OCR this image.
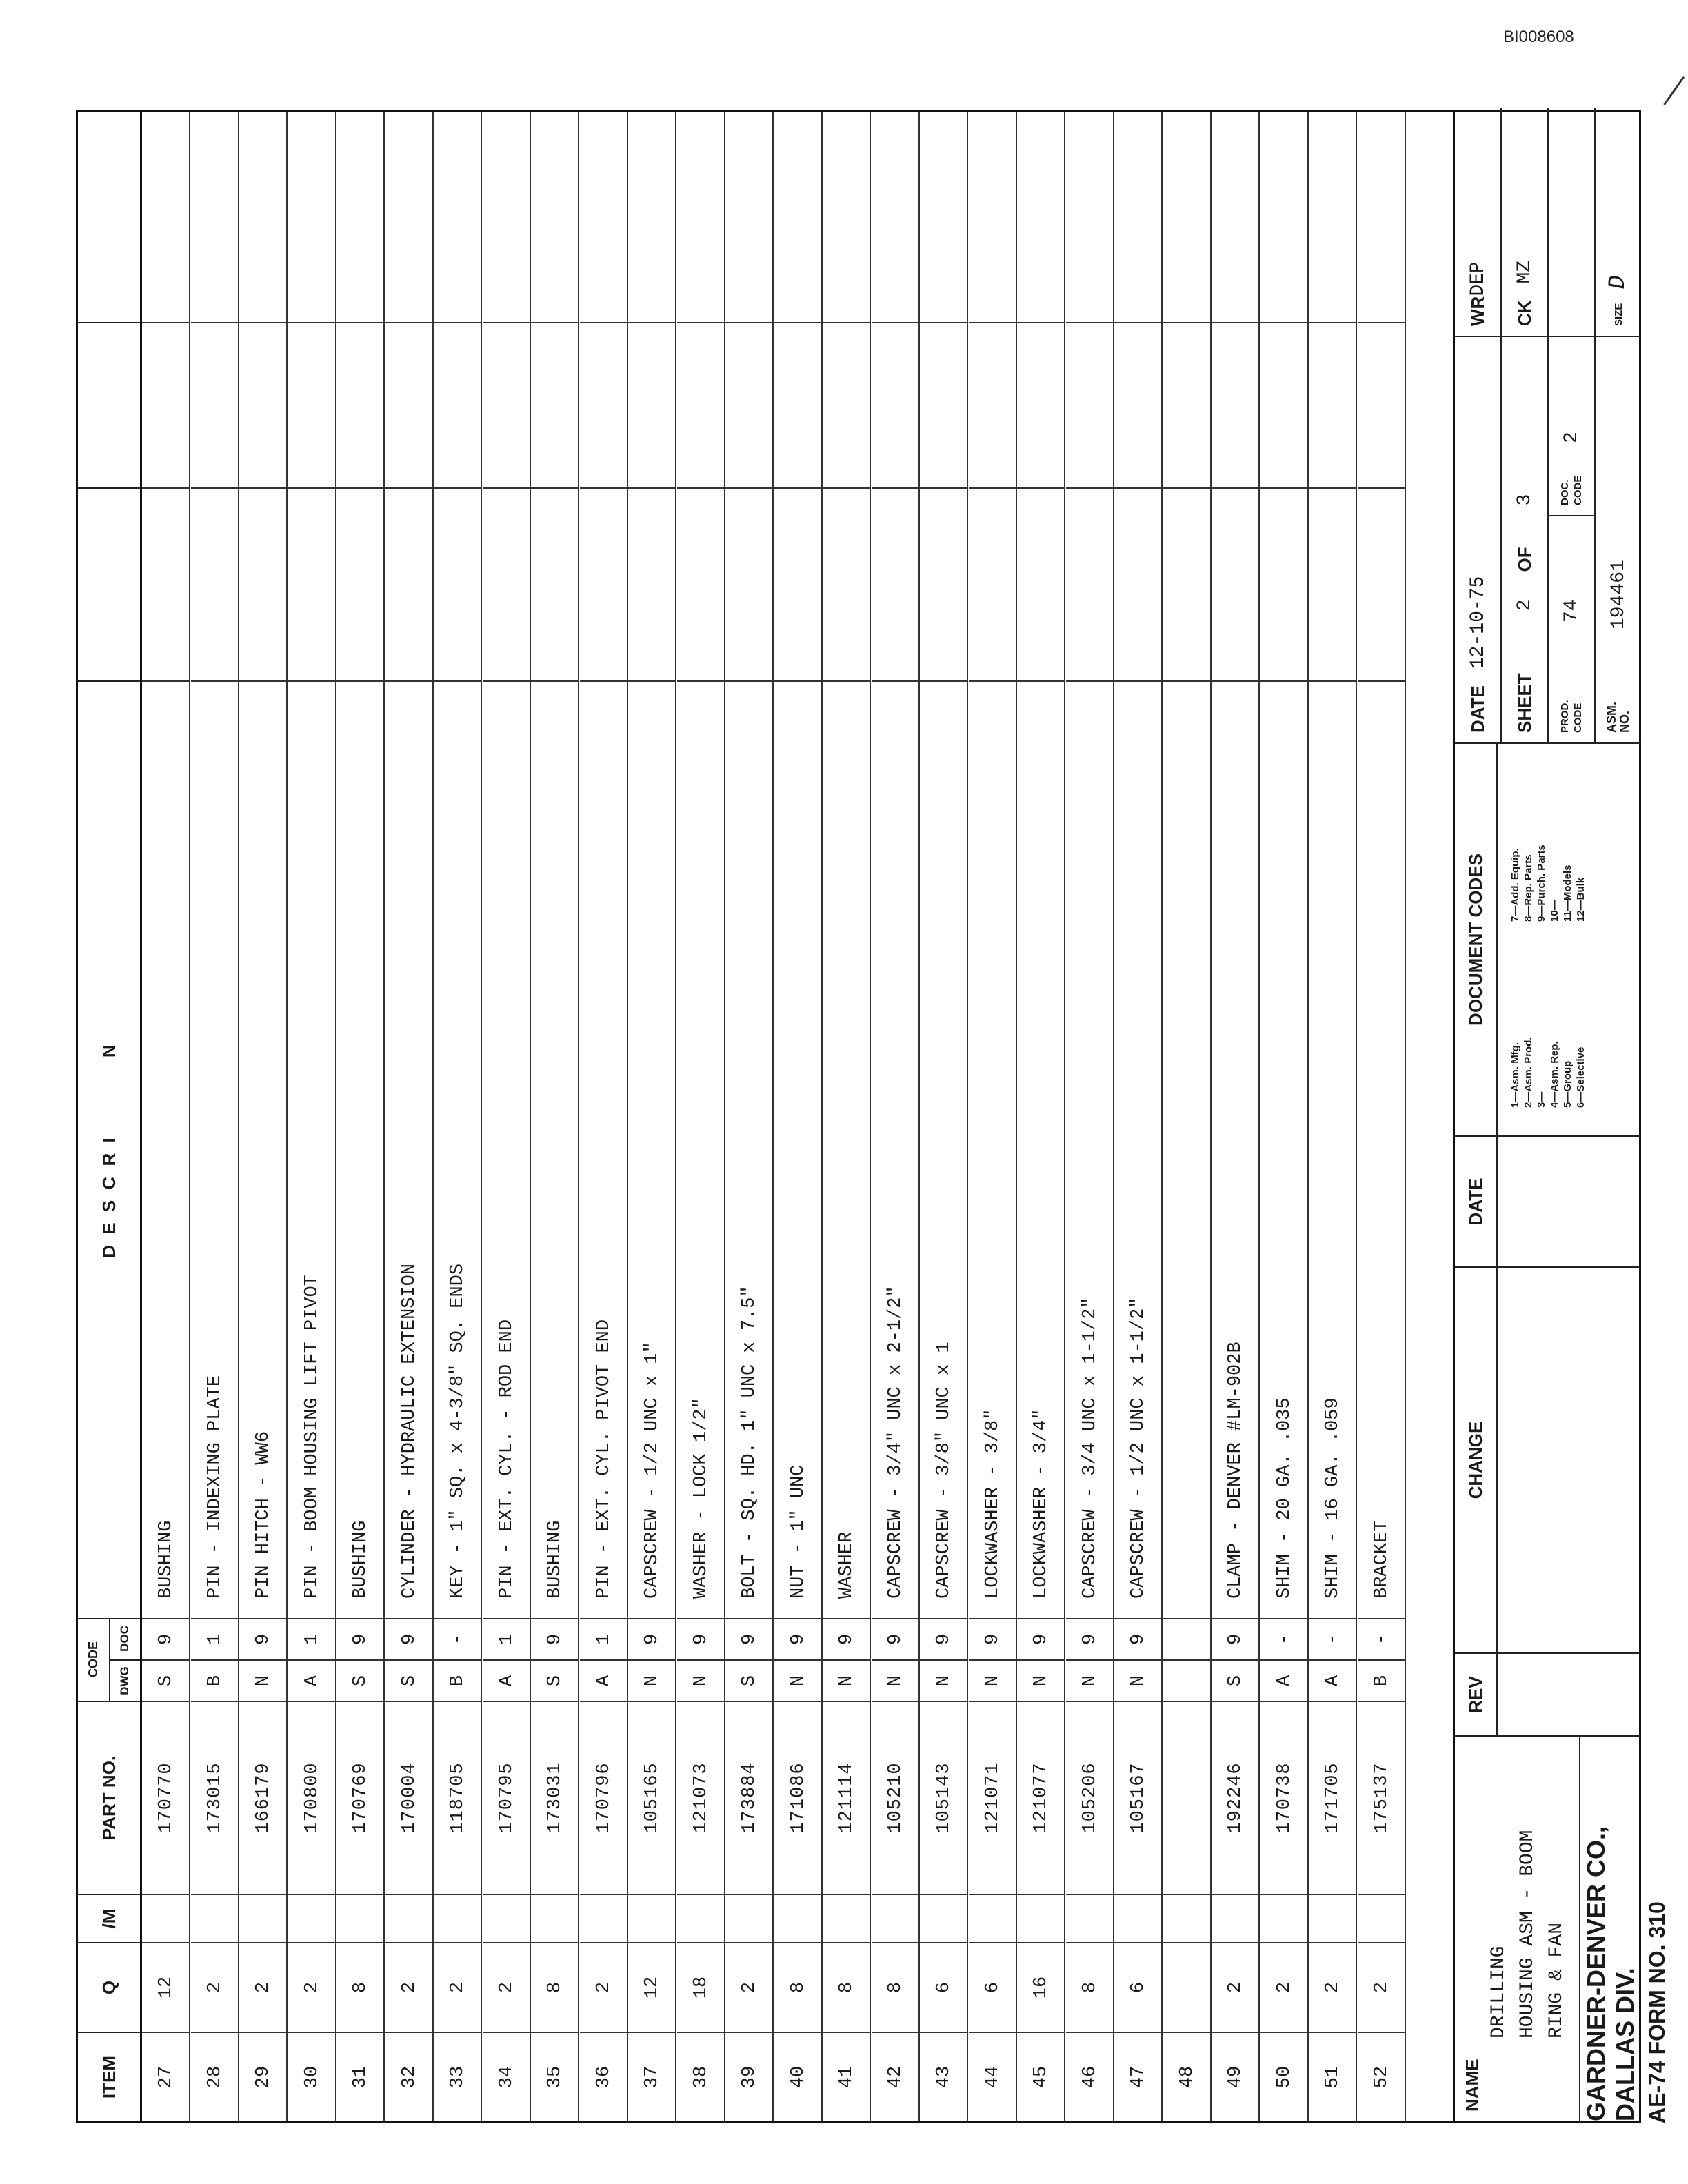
BI008608
AE-74 FORM NO. 310
ITEM
Q
/M
PART NO.
CODE
DWG
DOC
D E S C R I          N
27
12
170770
S
9
BUSHING
28
2
173015
B
1
PIN - INDEXING PLATE
29
2
166179
N
9
PIN HITCH - WW6
30
2
170800
A
1
PIN - BOOM HOUSING LIFT PIVOT
31
8
170769
S
9
BUSHING
32
2
170004
S
9
CYLINDER - HYDRAULIC EXTENSION
33
2
118705
B
-
KEY - 1" SQ. x 4-3/8" SQ. ENDS
34
2
170795
A
1
PIN - EXT. CYL. - ROD END
35
8
173031
S
9
BUSHING
36
2
170796
A
1
PIN - EXT. CYL. PIVOT END
37
12
105165
N
9
CAPSCREW - 1/2 UNC x 1"
38
18
121073
N
9
WASHER - LOCK 1/2"
39
2
173884
S
9
BOLT - SQ. HD. 1" UNC x 7.5"
40
8
171086
N
9
NUT - 1" UNC
41
8
121114
N
9
WASHER
42
8
105210
N
9
CAPSCREW - 3/4" UNC x 2-1/2"
43
6
105143
N
9
CAPSCREW - 3/8" UNC x 1
44
6
121071
N
9
LOCKWASHER - 3/8"
45
16
121077
N
9
LOCKWASHER - 3/4"
46
8
105206
N
9
CAPSCREW - 3/4 UNC x 1-1/2"
47
6
105167
N
9
CAPSCREW - 1/2 UNC x 1-1/2"
48	49
2
192246
S
9
CLAMP - DENVER #LM-902B
50
2
170738
A
-
SHIM - 20 GA. .035
51
2
171705
A
-
SHIM - 16 GA. .059
52
2
175137
B
-
BRACKET
NAME
DRILLING HOUSING ASM - BOOM RING & FAN GARDNER-DENVER CO., DALLAS DIV.
REV
CHANGE
DATE
DOCUMENT CODES
1—Asm. Mfg. 2—Asm. Prod. 3— 4—Asm. Rep. 5—Group 6—Selective
7—Add. Equip. 8—Rep. Parts 9—Purch. Parts 10— 11—Models 12—Bulk
DATE
12-10-75
WR
DEP
SHEET
2
OF
3
CK
MZ
PROD. CODE
74
DOC. CODE
2
ASM. NO.
194461
SIZE
D
